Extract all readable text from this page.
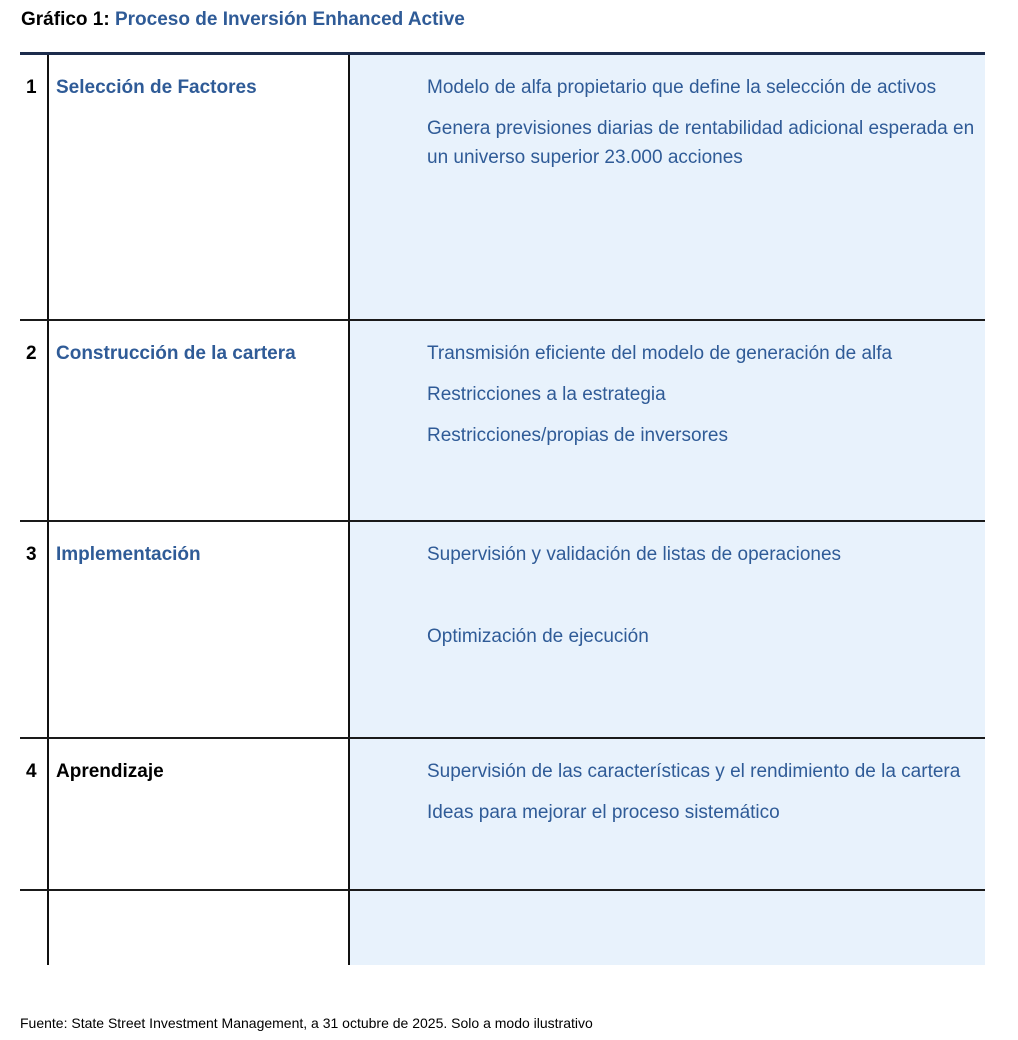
Gráfico 1: Proceso de Inversión Enhanced Active
1 Selección de Factores	Modelo de alfa propietario que define la selección de activos
Genera previsiones diarias de rentabilidad adicional esperada en un universo superior 23.000 acciones
2 Construcción de la cartera	Transmisión eficiente del modelo de generación de alfa
Restricciones a la estrategia
Restricciones/propias de inversores
3 Implementación	Supervisión y validación de listas de operaciones
Optimización de ejecución
4 Aprendizaje	Supervisión de las características y el rendimiento de la cartera
Ideas para mejorar el proceso sistemático
Fuente: State Street Investment Management, a 31 octubre de 2025. Solo a modo ilustrativo
